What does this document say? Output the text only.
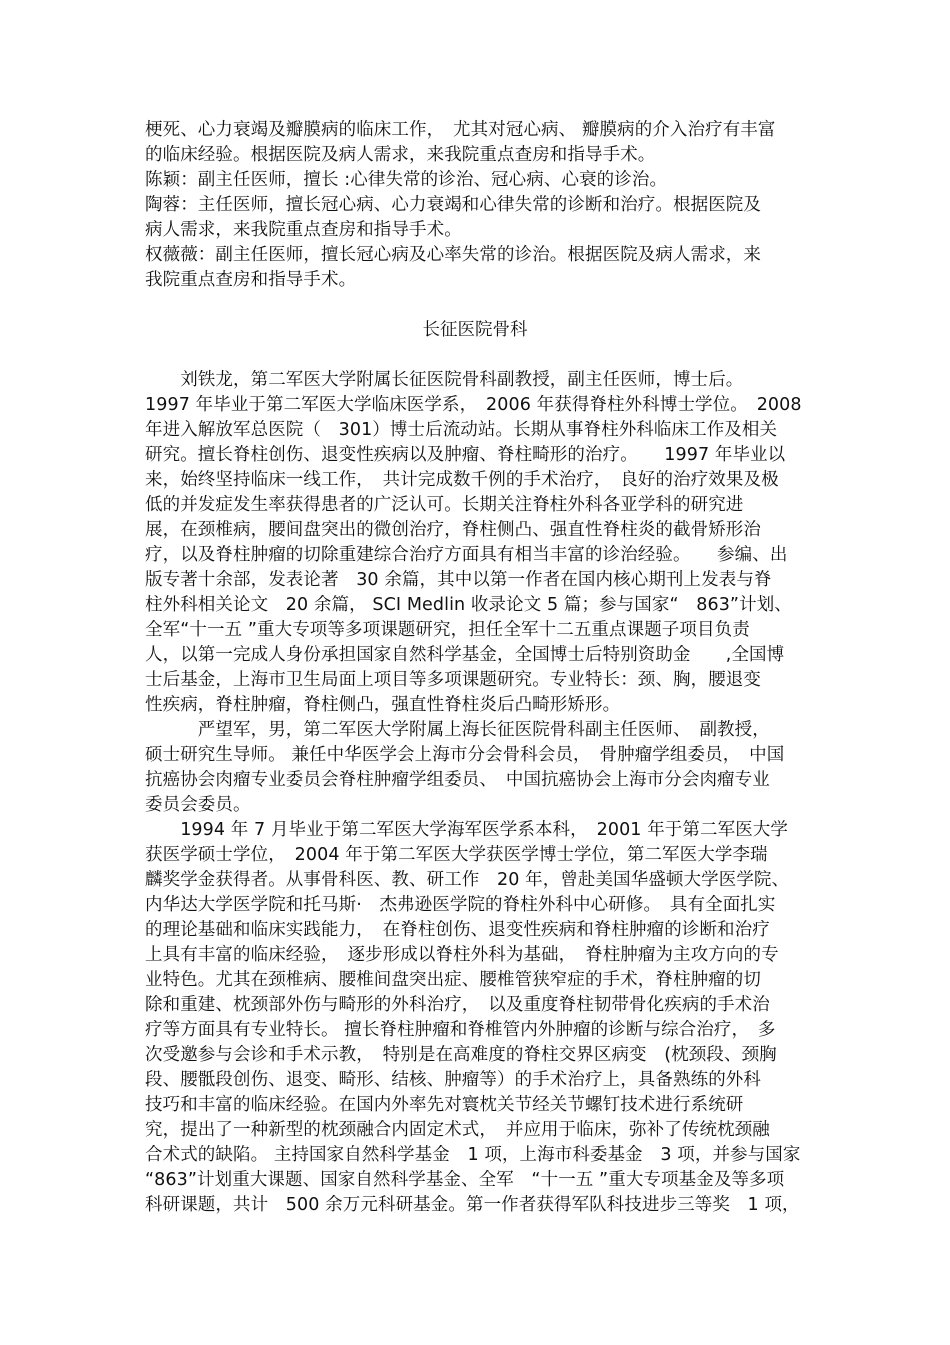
梗死、心力衰竭及瓣膜病的临床工作，　尤其对冠心病、 瓣膜病的介入治疗有丰富
的临床经验。根据医院及病人需求，来我院重点查房和指导手术。
陈颖：副主任医师，擅长 :心律失常的诊治、冠心病、心衰的诊治。
陶蓉：主任医师，擅长冠心病、心力衰竭和心律失常的诊断和治疗。根据医院及
病人需求，来我院重点查房和指导手术。
权薇薇：副主任医师，擅长冠心病及心率失常的诊治。根据医院及病人需求，来
我院重点查房和指导手术。
长征医院骨科
　　刘铁龙，第二军医大学附属长征医院骨科副教授，副主任医师，博士后。
1997 年毕业于第二军医大学临床医学系，　2006 年获得脊柱外科博士学位。　2008
年进入解放军总医院（　301）博士后流动站。长期从事脊柱外科临床工作及相关
研究。擅长脊柱创伤、退变性疾病以及肿瘤、脊柱畸形的治疗。　　1997 年毕业以
来，始终坚持临床一线工作，　共计完成数千例的手术治疗，　良好的治疗效果及极
低的并发症发生率获得患者的广泛认可。长期关注脊柱外科各亚学科的研究进
展，在颈椎病，腰间盘突出的微创治疗，脊柱侧凸、强直性脊柱炎的截骨矫形治
疗，以及脊柱肿瘤的切除重建综合治疗方面具有相当丰富的诊治经验。　　参编、出
版专著十余部，发表论著　30 余篇，其中以第一作者在国内核心期刊上发表与脊
柱外科相关论文　20 余篇， SCI Medlin 收录论文 5 篇；参与国家“　863”计划、
全军“十一五 ”重大专项等多项课题研究，担任全军十二五重点课题子项目负责
人，以第一完成人身份承担国家自然科学基金，全国博士后特别资助金　　,全国博
士后基金，上海市卫生局面上项目等多项课题研究。专业特长：颈、胸，腰退变
性疾病，脊柱肿瘤，脊柱侧凸，强直性脊柱炎后凸畸形矫形。
　　　严望军，男，第二军医大学附属上海长征医院骨科副主任医师、　副教授，
硕士研究生导师。 兼任中华医学会上海市分会骨科会员，　骨肿瘤学组委员，　中国
抗癌协会肉瘤专业委员会脊柱肿瘤学组委员、　中国抗癌协会上海市分会肉瘤专业
委员会委员。
　　1994 年 7 月毕业于第二军医大学海军医学系本科，　2001 年于第二军医大学
获医学硕士学位，　2004 年于第二军医大学获医学博士学位，第二军医大学李瑞
麟奖学金获得者。从事骨科医、教、研工作　20 年，曾赴美国华盛顿大学医学院、
内华达大学医学院和托马斯·　杰弗逊医学院的脊柱外科中心研修。　具有全面扎实
的理论基础和临床实践能力，　在脊柱创伤、退变性疾病和脊柱肿瘤的诊断和治疗
上具有丰富的临床经验，　逐步形成以脊柱外科为基础，　脊柱肿瘤为主攻方向的专
业特色。尤其在颈椎病、腰椎间盘突出症、腰椎管狭窄症的手术，脊柱肿瘤的切
除和重建、枕颈部外伤与畸形的外科治疗，　以及重度脊柱韧带骨化疾病的手术治
疗等方面具有专业特长。 擅长脊柱肿瘤和脊椎管内外肿瘤的诊断与综合治疗，　多
次受邀参与会诊和手术示教，　特别是在高难度的脊柱交界区病变　(枕颈段、颈胸
段、腰骶段创伤、退变、畸形、结核、肿瘤等）的手术治疗上，具备熟练的外科
技巧和丰富的临床经验。在国内外率先对寰枕关节经关节螺钉技术进行系统研
究，提出了一种新型的枕颈融合内固定术式，　并应用于临床，弥补了传统枕颈融
合术式的缺陷。 主持国家自然科学基金　1 项，上海市科委基金　3 项，并参与国家
“863”计划重大课题、国家自然科学基金、全军　“十一五 ”重大专项基金及等多项
科研课题，共计　500 余万元科研基金。第一作者获得军队科技进步三等奖　1 项，
